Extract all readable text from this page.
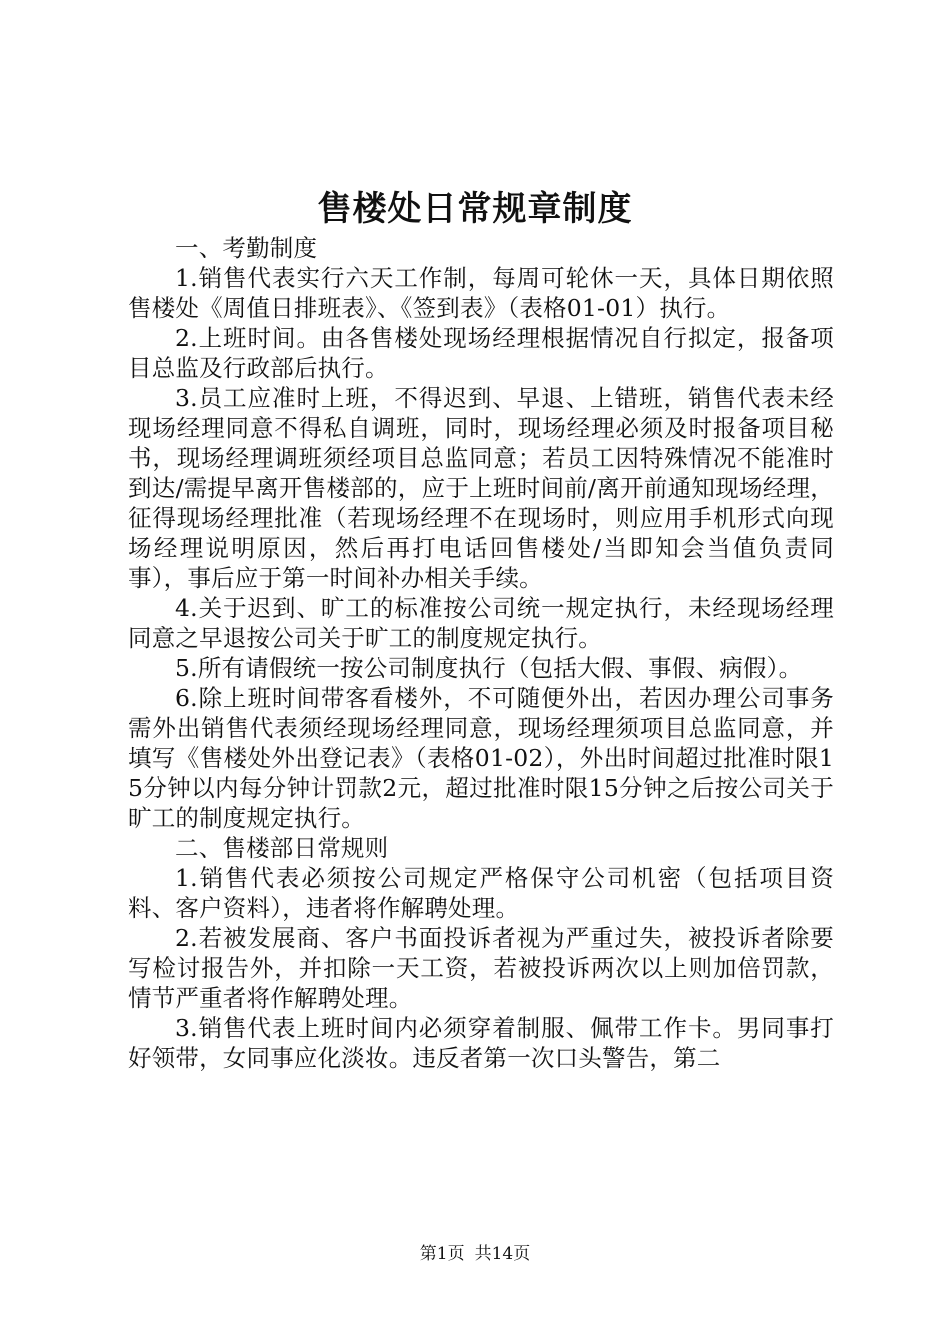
售楼处日常规章制度

一、考勤制度

1.销售代表实行六天工作制，每周可轮休一天，具体日期依照售楼处《周值日排班表》、《签到表》（表格01-01）执行。

2.上班时间。由各售楼处现场经理根据情况自行拟定，报备项目总监及行政部后执行。

3.员工应准时上班，不得迟到、早退、上错班，销售代表未经现场经理同意不得私自调班，同时，现场经理必须及时报备项目秘书，现场经理调班须经项目总监同意；若员工因特殊情况不能准时到达/需提早离开售楼部的，应于上班时间前/离开前通知现场经理，征得现场经理批准（若现场经理不在现场时，则应用手机形式向现场经理说明原因，然后再打电话回售楼处/当即知会当值负责同事），事后应于第一时间补办相关手续。

4.关于迟到、旷工的标准按公司统一规定执行，未经现场经理同意之早退按公司关于旷工的制度规定执行。

5.所有请假统一按公司制度执行（包括大假、事假、病假）。

6.除上班时间带客看楼外，不可随便外出，若因办理公司事务需外出销售代表须经现场经理同意，现场经理须项目总监同意，并填写《售楼处外出登记表》（表格01-02），外出时间超过批准时限15分钟以内每分钟计罚款2元，超过批准时限15分钟之后按公司关于旷工的制度规定执行。

二、售楼部日常规则

1.销售代表必须按公司规定严格保守公司机密（包括项目资料、客户资料），违者将作解聘处理。

2.若被发展商、客户书面投诉者视为严重过失，被投诉者除要写检讨报告外，并扣除一天工资，若被投诉两次以上则加倍罚款，情节严重者将作解聘处理。

3.销售代表上班时间内必须穿着制服、佩带工作卡。男同事打好领带，女同事应化淡妆。违反者第一次口头警告，第二

第1页 共14页
